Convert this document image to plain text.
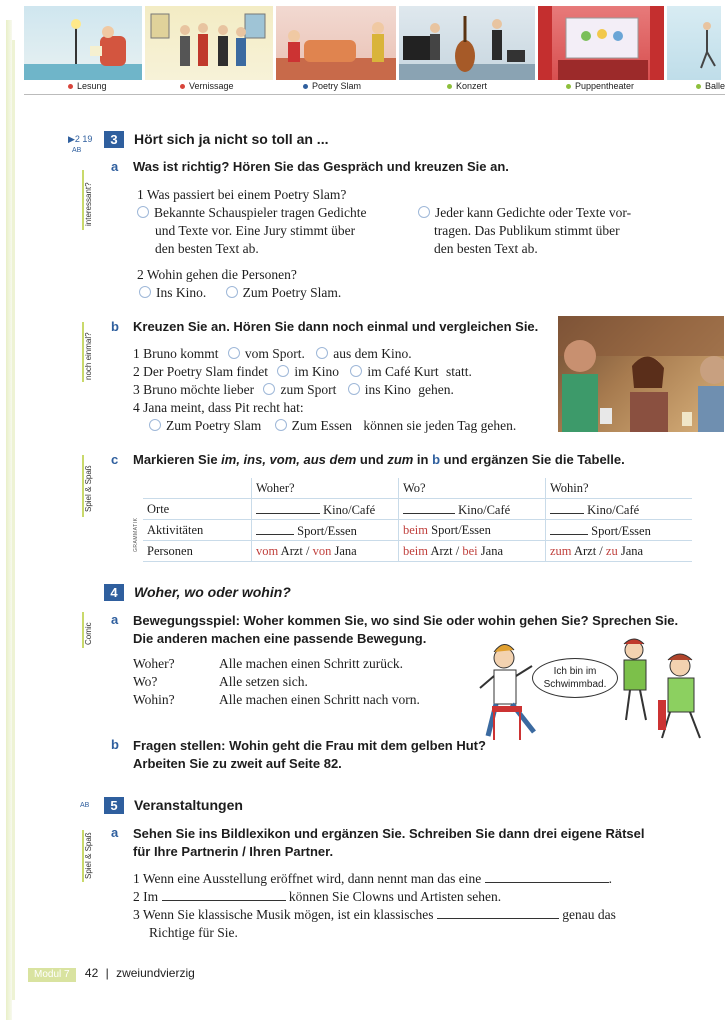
Lesung	Vernissage	Poetry Slam	Konzert	Puppentheater	Balle
▶2 19
AB
3 Hört sich ja nicht so toll an ...
interessant?
a Was ist richtig? Hören Sie das Gespräch und kreuzen Sie an.
1 Was passiert bei einem Poetry Slam?
Bekannte Schauspieler tragen Gedichte
und Texte vor. Eine Jury stimmt über
den besten Text ab.
Jeder kann Gedichte oder Texte vor-
tragen. Das Publikum stimmt über
den besten Text ab.
2 Wohin gehen die Personen?
Ins Kino.	Zum Poetry Slam.
noch einmal?
b Kreuzen Sie an. Hören Sie dann noch einmal und vergleichen Sie.
1 Bruno kommt vom Sport. aus dem Kino.
2 Der Poetry Slam findet im Kino im Café Kurt statt.
3 Bruno möchte lieber zum Sport ins Kino gehen.
4 Jana meint, dass Pit recht hat:
Zum Poetry Slam Zum Essen können sie jeden Tag gehen.
Spiel & Spaß
c Markieren Sie im, ins, vom, aus dem und zum in b und ergänzen Sie die Tabelle.
GRAMMATIK
	Woher?	Wo?	Wohin?
Orte	Kino/Café	Kino/Café	Kino/Café
Aktivitäten	Sport/Essen	beim Sport/Essen	Sport/Essen
Personen	vom Arzt / von Jana	beim Arzt / bei Jana	zum Arzt / zu Jana
4 Woher, wo oder wohin?
Comic
a Bewegungsspiel: Woher kommen Sie, wo sind Sie oder wohin gehen Sie? Sprechen Sie.
Die anderen machen eine passende Bewegung.
Woher?	Alle machen einen Schritt zurück.
Wo?	Alle setzen sich.
Wohin?	Alle machen einen Schritt nach vorn.
Ich bin im
Schwimmbad.
b Fragen stellen: Wohin geht die Frau mit dem gelben Hut?
Arbeiten Sie zu zweit auf Seite 82.
AB	5 Veranstaltungen
Spiel & Spaß a Sehen Sie ins Bildlexikon und ergänzen Sie. Schreiben Sie dann drei eigene Rätsel
für Ihre Partnerin / Ihren Partner.
1 Wenn eine Ausstellung eröffnet wird, dann nennt man das eine	.
2 Im	können Sie Clowns und Artisten sehen.
3 Wenn Sie klassische Musik mögen, ist ein klassisches	genau das
Richtige für Sie.
Modul 7 42 | zweiundvierzig
